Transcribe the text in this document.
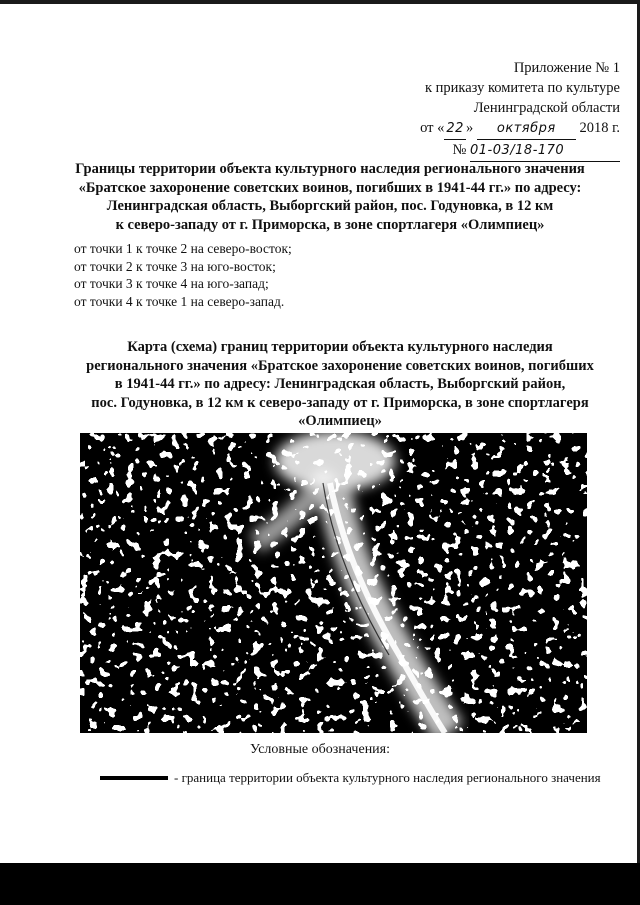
Приложение № 1
к приказу комитета по культуре
Ленинградской области
от « 22 » октября 2018 г.
№ 01-03/18-170
Границы территории объекта культурного наследия регионального значения
«Братское захоронение советских воинов, погибших в 1941-44 гг.» по адресу:
Ленинградская область, Выборгский район, пос. Годуновка, в 12 км
к северо-западу от г. Приморска, в зоне спортлагеря «Олимпиец»
от точки 1 к точке 2 на северо-восток;
от точки 2 к точке 3 на юго-восток;
от точки 3 к точке 4 на юго-запад;
от точки 4 к точке 1 на северо-запад.
Карта (схема) границ территории объекта культурного наследия
регионального значения «Братское захоронение советских воинов, погибших
в 1941-44 гг.» по адресу: Ленинградская область, Выборгский район,
пос. Годуновка, в 12 км к северо-западу от г. Приморска, в зоне спортлагеря
«Олимпиец»
Условные обозначения:
- граница территории объекта культурного наследия регионального значения
